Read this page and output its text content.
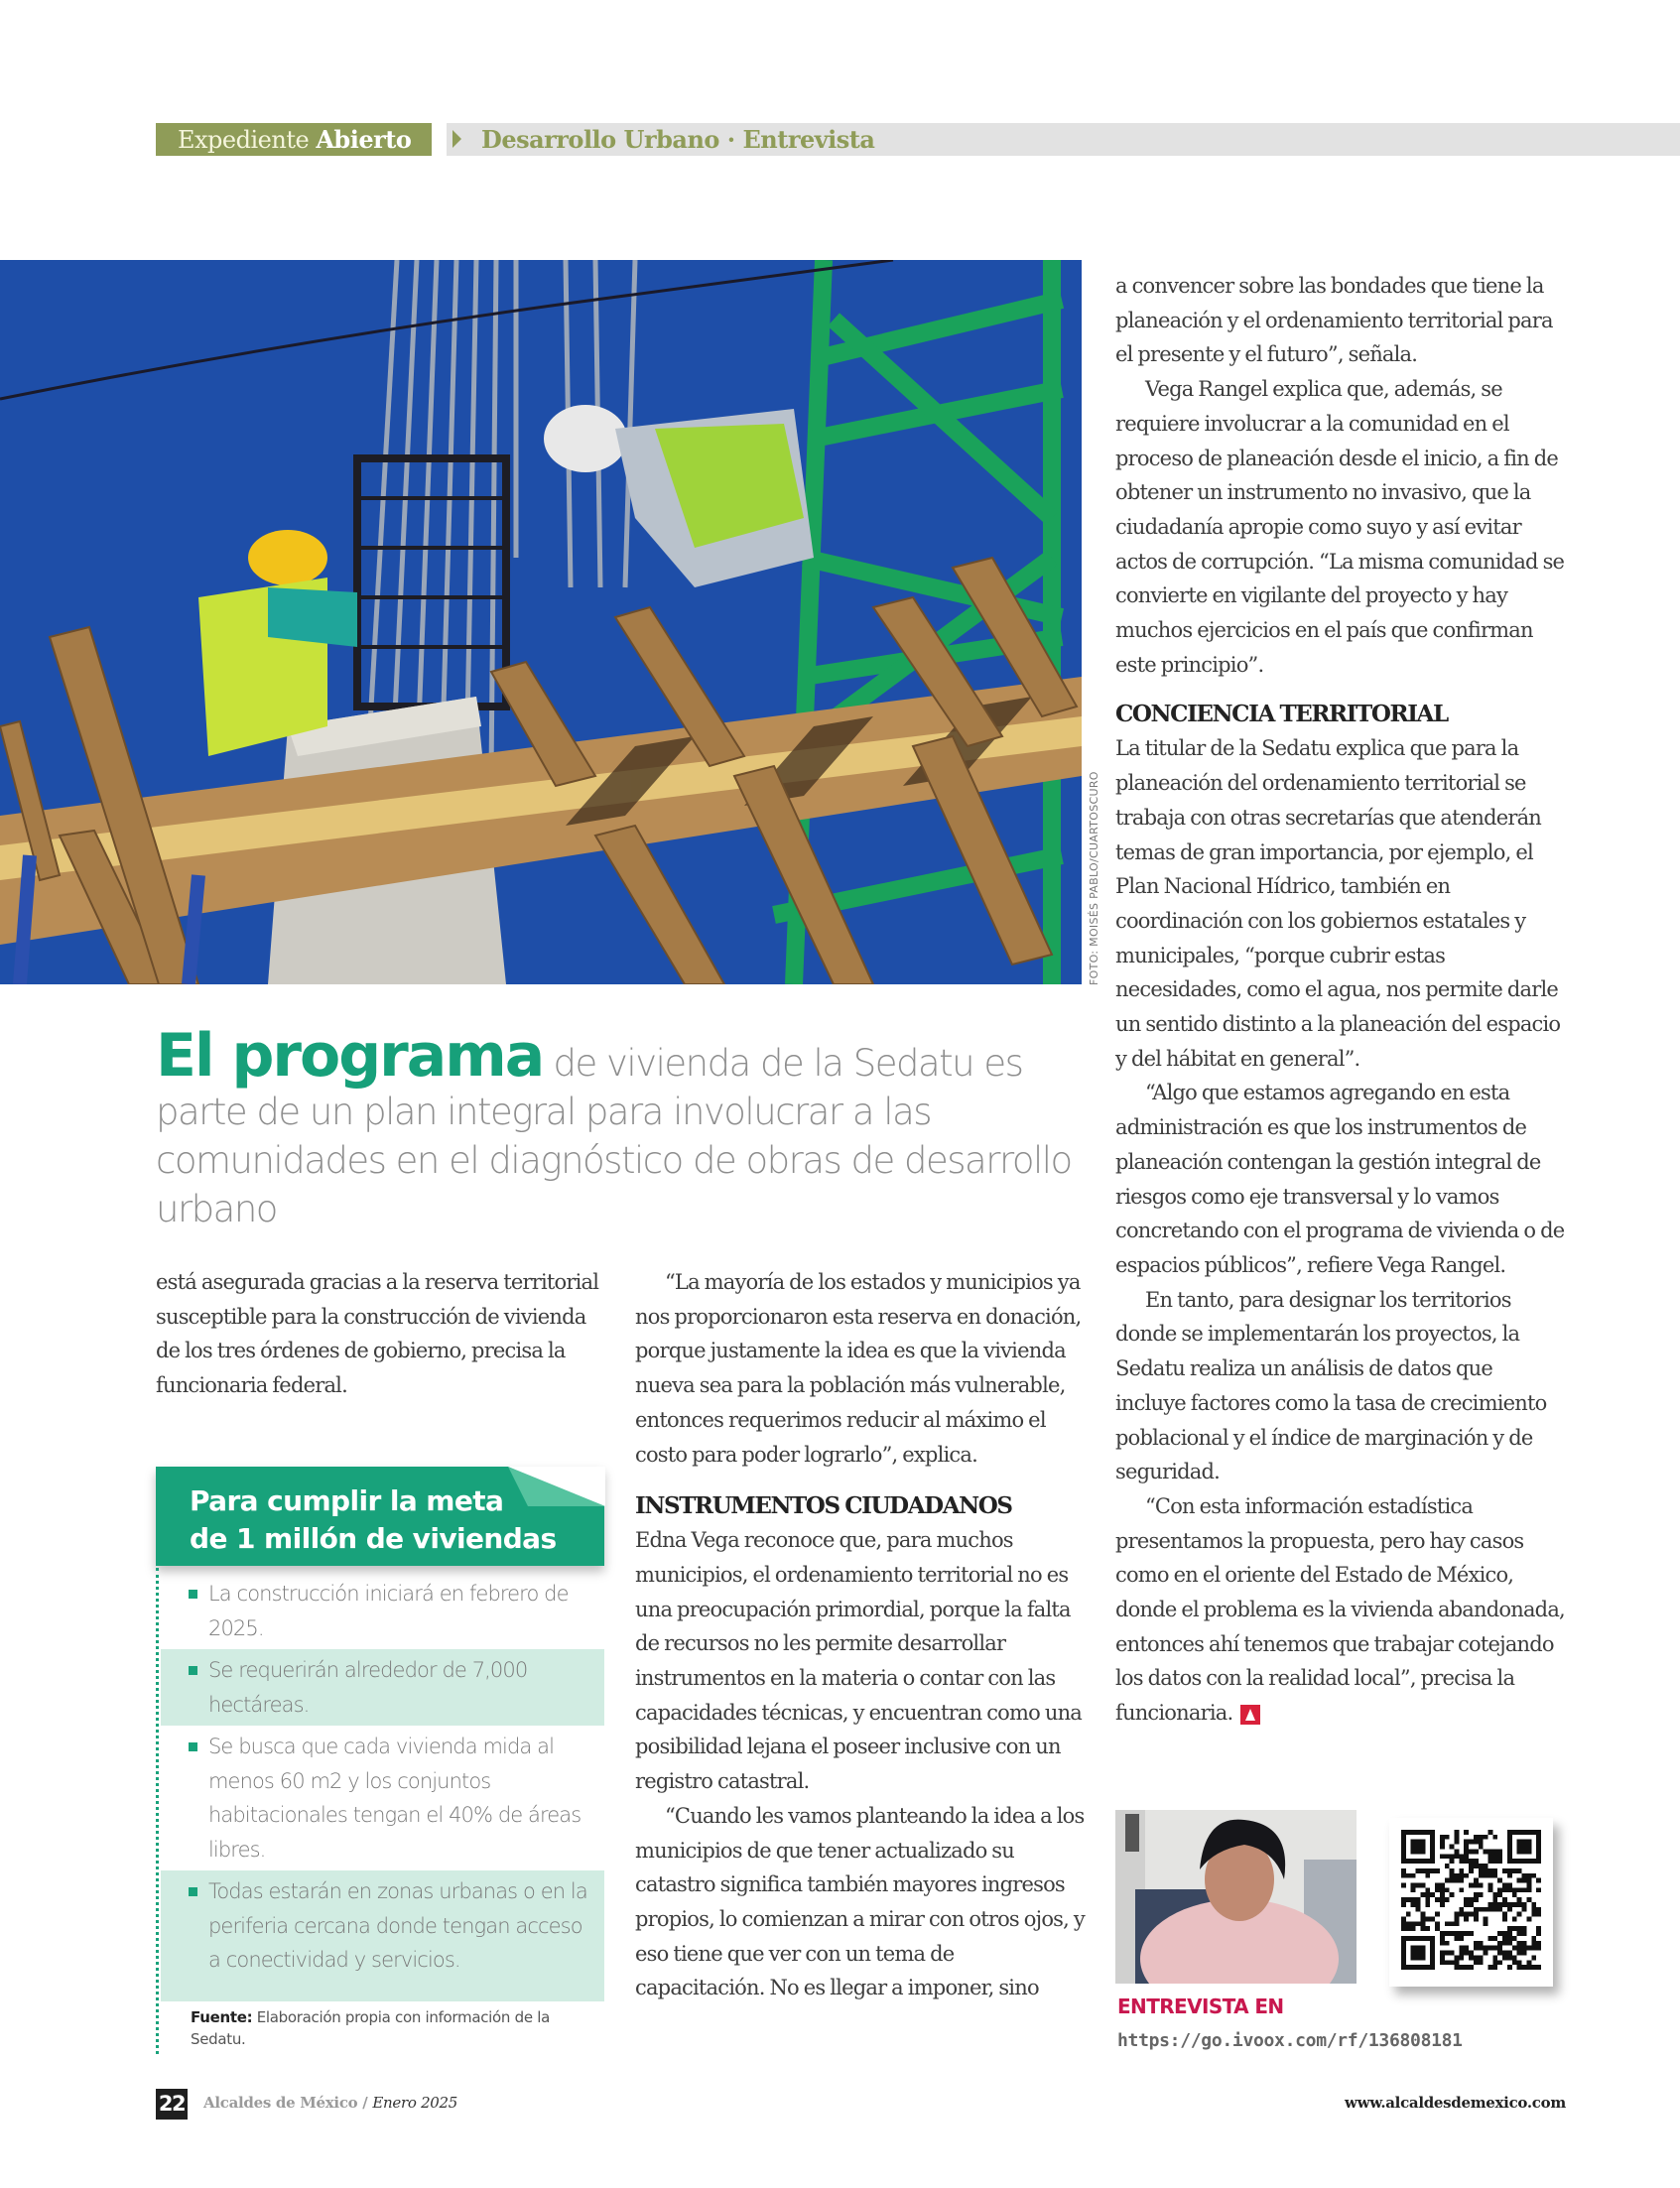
Expediente Abierto	Desarrollo Urbano · Entrevista
FOTO: MOISÉS PABLO/CUARTOSCURO
El programa de vivienda de la Sedatu es parte de un plan integral para involucrar a las comunidades en el diagnóstico de obras de desarrollo urbano

está asegurada gracias a la reserva territorial susceptible para la construcción de vivienda de los tres órdenes de gobierno, precisa la funcionaria federal.

Para cumplir la meta
de 1 millón de viviendas
La construcción iniciará en febrero de 2025.
Se requerirán alrededor de 7,000 hectáreas.
Se busca que cada vivienda mida al menos 60 m2 y los conjuntos habitacionales tengan el 40% de áreas libres.
Todas estarán en zonas urbanas o en la periferia cercana donde tengan acceso a conectividad y servicios.
Fuente: Elaboración propia con información de la Sedatu.

“La mayoría de los estados y municipios ya nos proporcionaron esta reserva en donación, porque justamente la idea es que la vivienda nueva sea para la población más vulnerable, entonces requerimos reducir al máximo el costo para poder lograrlo”, explica.

INSTRUMENTOS CIUDADANOS

Edna Vega reconoce que, para muchos municipios, el ordenamiento territorial no es una preocupación primordial, porque la falta de recursos no les permite desarrollar instrumentos en la materia o contar con las capacidades técnicas, y encuentran como una posibilidad lejana el poseer inclusive con un registro catastral.

“Cuando les vamos planteando la idea a los municipios de que tener actualizado su catastro significa también mayores ingresos propios, lo comienzan a mirar con otros ojos, y eso tiene que ver con un tema de capacitación. No es llegar a imponer, sino

a convencer sobre las bondades que tiene la planeación y el ordenamiento territorial para el presente y el futuro”, señala.

Vega Rangel explica que, además, se requiere involucrar a la comunidad en el proceso de planeación desde el inicio, a fin de obtener un instrumento no invasivo, que la ciudadanía apropie como suyo y así evitar actos de corrupción. “La misma comunidad se convierte en vigilante del proyecto y hay muchos ejercicios en el país que confirman este principio”.

CONCIENCIA TERRITORIAL

La titular de la Sedatu explica que para la planeación del ordenamiento territorial se trabaja con otras secretarías que atenderán temas de gran importancia, por ejemplo, el Plan Nacional Hídrico, también en coordinación con los gobiernos estatales y municipales, “porque cubrir estas necesidades, como el agua, nos permite darle un sentido distinto a la planeación del espacio y del hábitat en general”.

“Algo que estamos agregando en esta administración es que los instrumentos de planeación contengan la gestión integral de riesgos como eje transversal y lo vamos concretando con el programa de vivienda o de espacios públicos”, refiere Vega Rangel.

En tanto, para designar los territorios donde se implementarán los proyectos, la Sedatu realiza un análisis de datos que incluye factores como la tasa de crecimiento poblacional y el índice de marginación y de seguridad.

“Con esta información estadística presentamos la propuesta, pero hay casos como en el oriente del Estado de México, donde el problema es la vivienda abandonada, entonces ahí tenemos que trabajar cotejando los datos con la realidad local”, precisa la funcionaria.

ENTREVISTA EN
https://go.ivoox.com/rf/136808181
22 Alcaldes de México / Enero 2025	www.alcaldesdemexico.com
